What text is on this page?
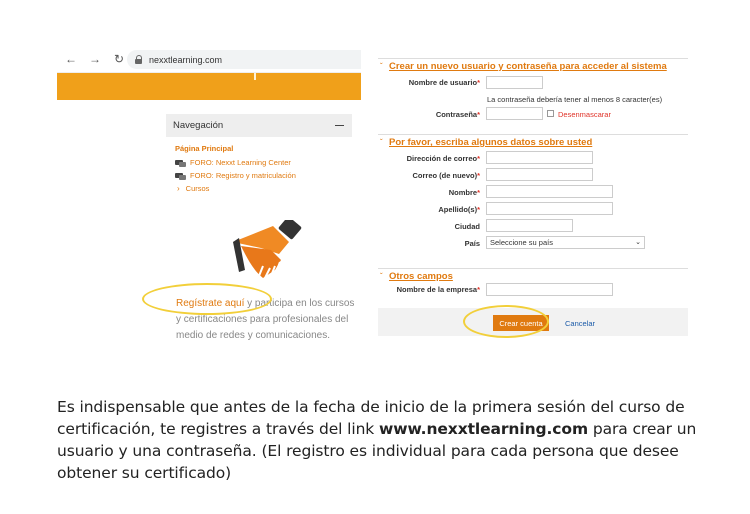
←	→	↻	nexxtlearning.com
Navegación
Página Principal
FORO: Nexxt Learning Center
FORO: Registro y matriculación
› Cursos
Regístrate aquí y participa en los cursos y certificaciones para profesionales del medio de redes y comunicaciones.
ˇ Crear un nuevo usuario y contraseña para acceder al sistema
Nombre de usuario*
La contraseña debería tener al menos 8 caracter(es)
Contraseña*	Desenmascarar
ˇ Por favor, escriba algunos datos sobre usted
Dirección de correo*
Correo (de nuevo)*
Nombre*
Apellido(s)*
Ciudad
País	Seleccione su país	⌄
ˇ Otros campos
Nombre de la empresa*
Crear cuenta	Cancelar
Es indispensable que antes de la fecha de inicio de la primera sesión del curso de certificación, te registres a través del link www.nexxtlearning.com para crear un usuario y una contraseña. (El registro es individual para cada persona que desee obtener su certificado)
